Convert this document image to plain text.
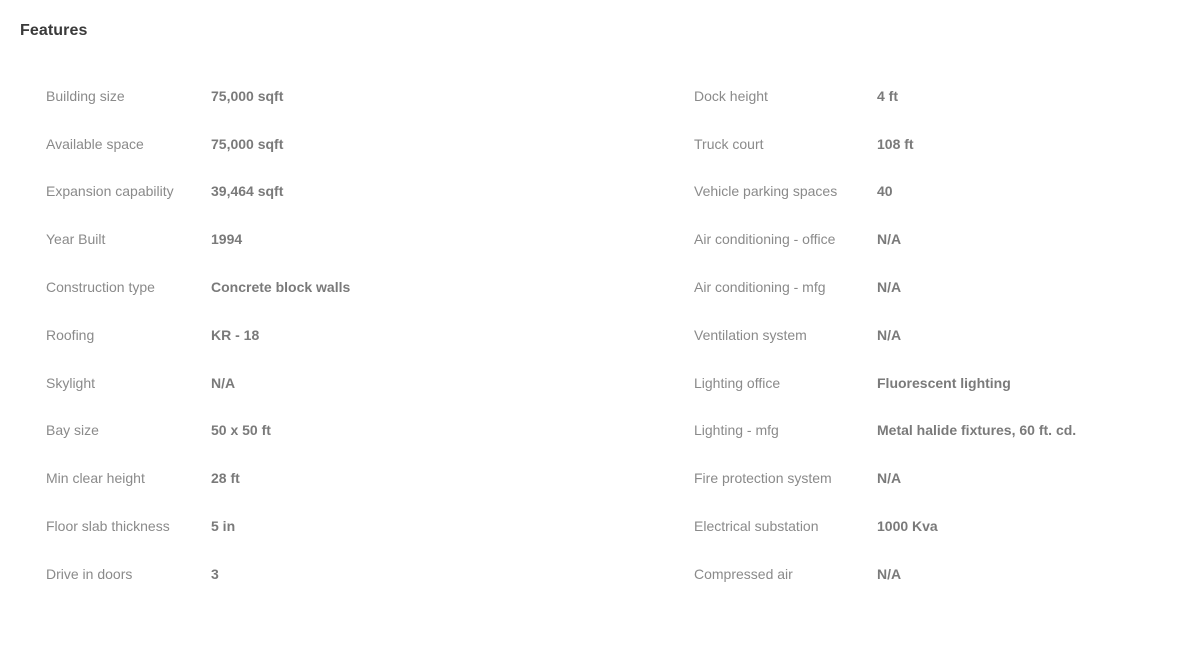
Features
Building size	75,000 sqft
Available space	75,000 sqft
Expansion capability	39,464 sqft
Year Built	1994
Construction type	Concrete block walls
Roofing	KR - 18
Skylight	N/A
Bay size	50 x 50 ft
Min clear height	28 ft
Floor slab thickness	5 in
Drive in doors	3
Dock height	4 ft
Truck court	108 ft
Vehicle parking spaces	40
Air conditioning - office	N/A
Air conditioning - mfg	N/A
Ventilation system	N/A
Lighting office	Fluorescent lighting
Lighting - mfg	Metal halide fixtures, 60 ft. cd.
Fire protection system	N/A
Electrical substation	1000 Kva
Compressed air	N/A
